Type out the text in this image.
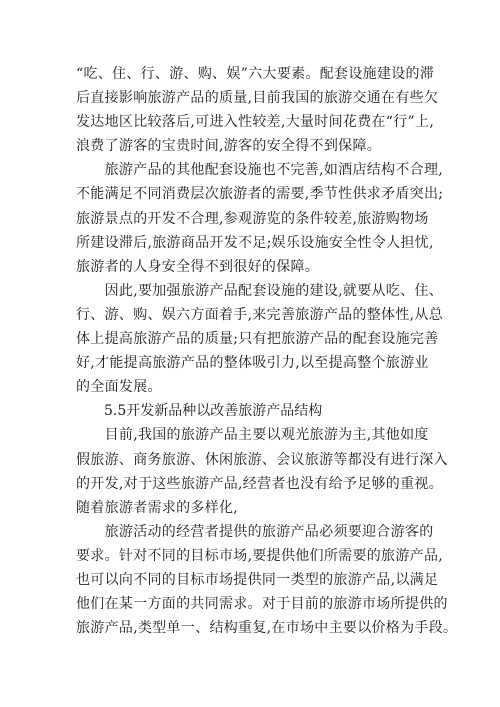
“吃、住、行、游、购、娱”六大要素。配套设施建设的滞
后直接影响旅游产品的质量,目前我国的旅游交通在有些欠
发达地区比较落后,可进入性较差,大量时间花费在“行”上,
浪费了游客的宝贵时间,游客的安全得不到保障。
　　旅游产品的其他配套设施也不完善,如酒店结构不合理,
不能满足不同消费层次旅游者的需要,季节性供求矛盾突出;
旅游景点的开发不合理,参观游览的条件较差,旅游购物场
所建设滞后,旅游商品开发不足;娱乐设施安全性令人担忧,
旅游者的人身安全得不到很好的保障。
　　因此,要加强旅游产品配套设施的建设,就要从吃、住、
行、游、购、娱六方面着手,来完善旅游产品的整体性,从总
体上提高旅游产品的质量;只有把旅游产品的配套设施完善
好,才能提高旅游产品的整体吸引力,以至提高整个旅游业
的全面发展。
5.5开发新品种以改善旅游产品结构
　　目前,我国的旅游产品主要以观光旅游为主,其他如度
假旅游、商务旅游、休闲旅游、会议旅游等都没有进行深入
的开发,对于这些旅游产品,经营者也没有给予足够的重视。
随着旅游者需求的多样化,
　　旅游活动的经营者提供的旅游产品必须要迎合游客的
要求。针对不同的目标市场,要提供他们所需要的旅游产品,
也可以向不同的目标市场提供同一类型的旅游产品,以满足
他们在某一方面的共同需求。对于目前的旅游市场所提供的
旅游产品,类型单一、结构重复,在市场中主要以价格为手段。
